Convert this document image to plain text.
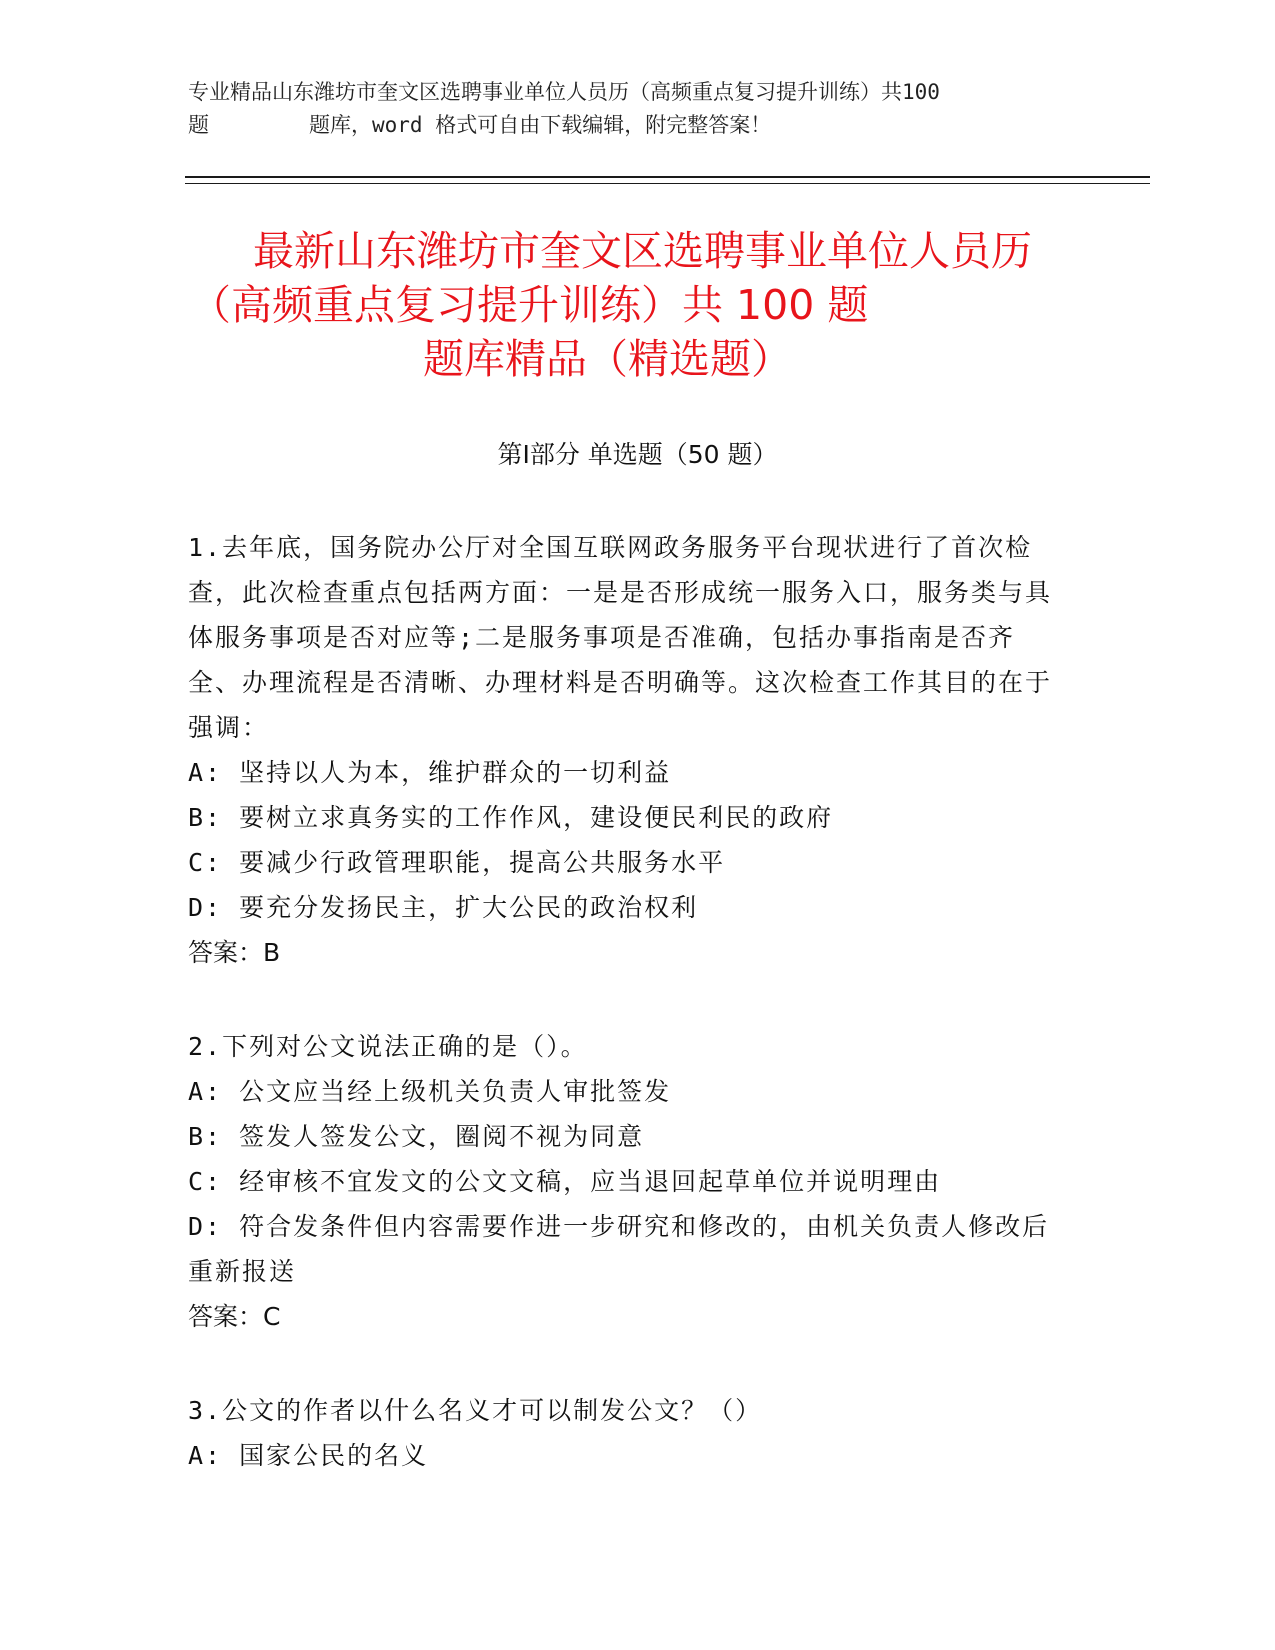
专业精品山东潍坊市奎文区选聘事业单位人员历（高频重点复习提升训练）共100
题	题库，word 格式可自由下载编辑，附完整答案！
最新山东潍坊市奎文区选聘事业单位人员历
（高频重点复习提升训练）共 100 题
题库精品（精选题）
第Ⅰ部分 单选题（50 题）
1.去年底，国务院办公厅对全国互联网政务服务平台现状进行了首次检查，此次检查重点包括两方面：一是是否形成统一服务入口，服务类与具体服务事项是否对应等;二是服务事项是否准确，包括办事指南是否齐全、办理流程是否清晰、办理材料是否明确等。这次检查工作其目的在于强调：
A: 坚持以人为本，维护群众的一切利益
B: 要树立求真务实的工作作风，建设便民利民的政府
C: 要减少行政管理职能，提高公共服务水平
D: 要充分发扬民主，扩大公民的政治权利
答案：B
2.下列对公文说法正确的是（）。
A: 公文应当经上级机关负责人审批签发
B: 签发人签发公文，圈阅不视为同意
C: 经审核不宜发文的公文文稿，应当退回起草单位并说明理由
D: 符合发条件但内容需要作进一步研究和修改的，由机关负责人修改后重新报送
答案：C
3.公文的作者以什么名义才可以制发公文？（）
A: 国家公民的名义
